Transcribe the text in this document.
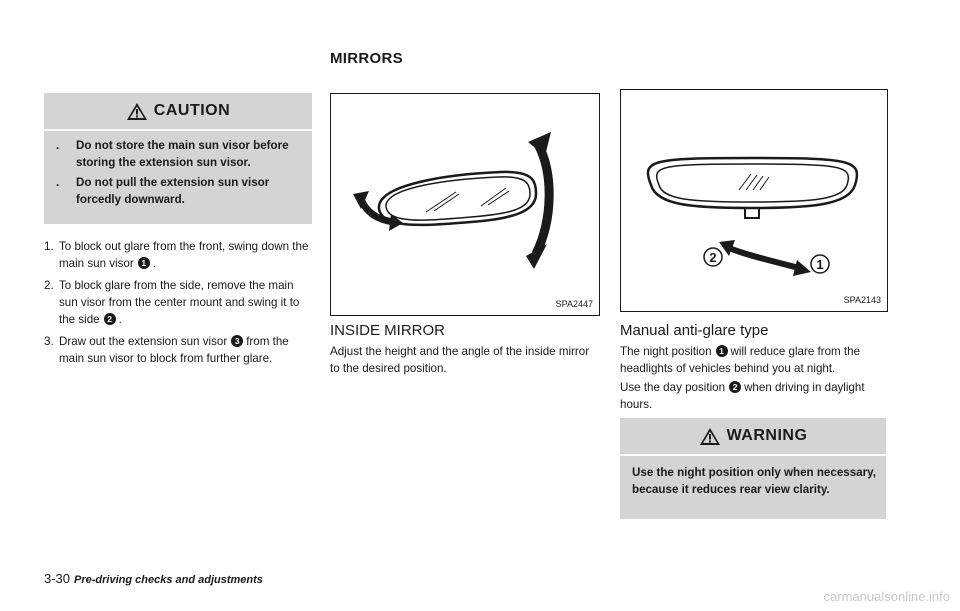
MIRRORS
CAUTION
. Do not store the main sun visor before storing the extension sun visor.
. Do not pull the extension sun visor forcedly downward.
1. To block out glare from the front, swing down the main sun visor 1 .
2. To block glare from the side, remove the main sun visor from the center mount and swing it to the side 2 .
3. Draw out the extension sun visor 3 from the main sun visor to block from further glare.
SPA2447
2	1
SPA2143
INSIDE MIRROR
Adjust the height and the angle of the inside mirror to the desired position.
Manual anti-glare type
The night position 1 will reduce glare from the headlights of vehicles behind you at night.
Use the day position 2 when driving in daylight hours.
WARNING
Use the night position only when necessary, because it reduces rear view clarity.
3-30 Pre-driving checks and adjustments
carmanualsonline.info
